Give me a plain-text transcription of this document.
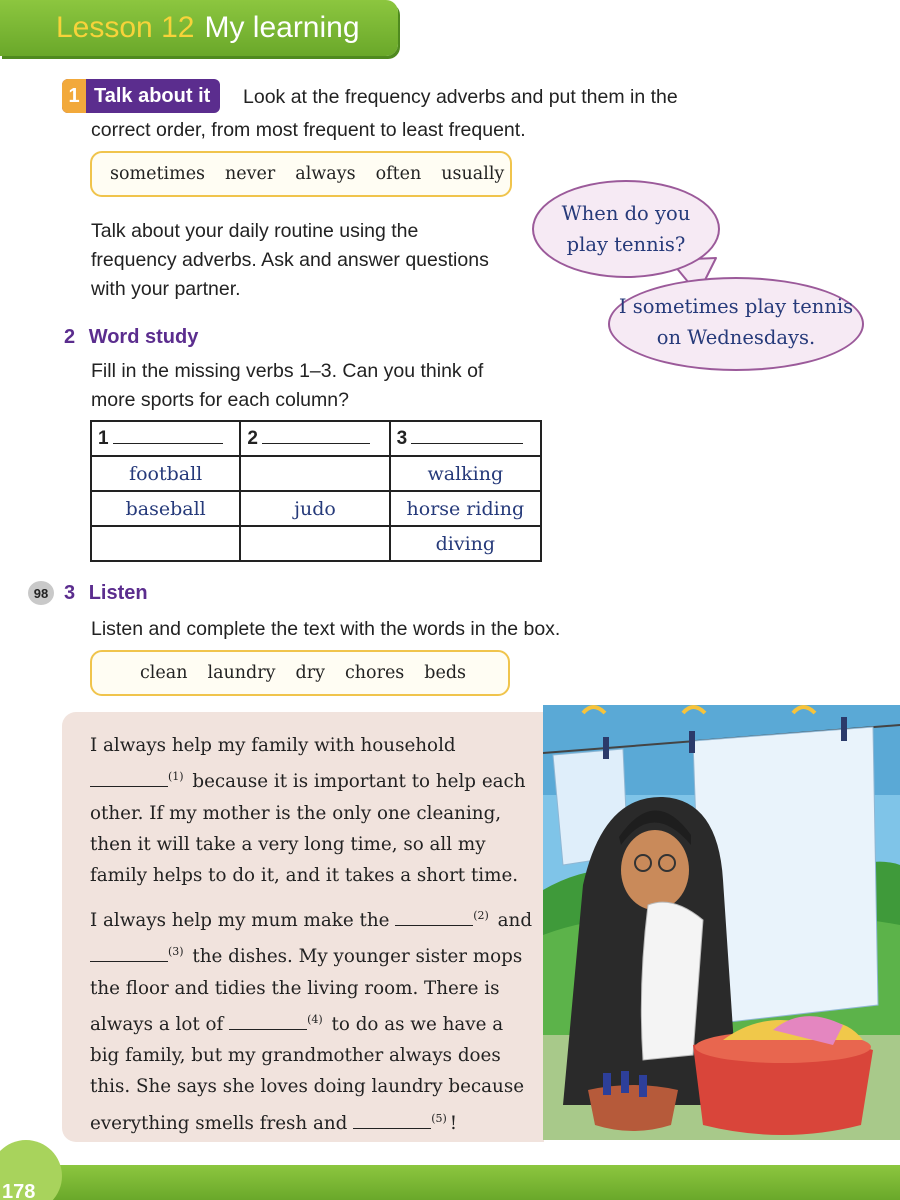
Lesson 12 My learning
1 Talk about it Look at the frequency adverbs and put them in the
correct order, from most frequent to least frequent.
sometimes never always often usually
Talk about your daily routine using the
frequency adverbs. Ask and answer questions
with your partner.
When do you
play tennis?
I sometimes play tennis
on Wednesdays.
2 Word study
Fill in the missing verbs 1–3. Can you think of
more sports for each column?
1	2	3
football		walking
baseball	judo	horse riding
		diving
98 3 Listen
Listen and complete the text with the words in the box.
clean laundry dry chores beds

I always help my family with household $^{(1)}$ because it is important to help each other. If my mother is the only one cleaning, then it will take a very long time, so all my family helps to do it, and it takes a short time.

I always help my mum make the	$^{(2)}$ and $^{(3)}$ the dishes. My younger sister mops the floor and tidies the living room. There is always a lot of	$^{(4)}$ to do as we have a big family, but my grandmother always does this. She says she loves doing laundry because everything smells fresh and	$^{(5)}$ !

178
